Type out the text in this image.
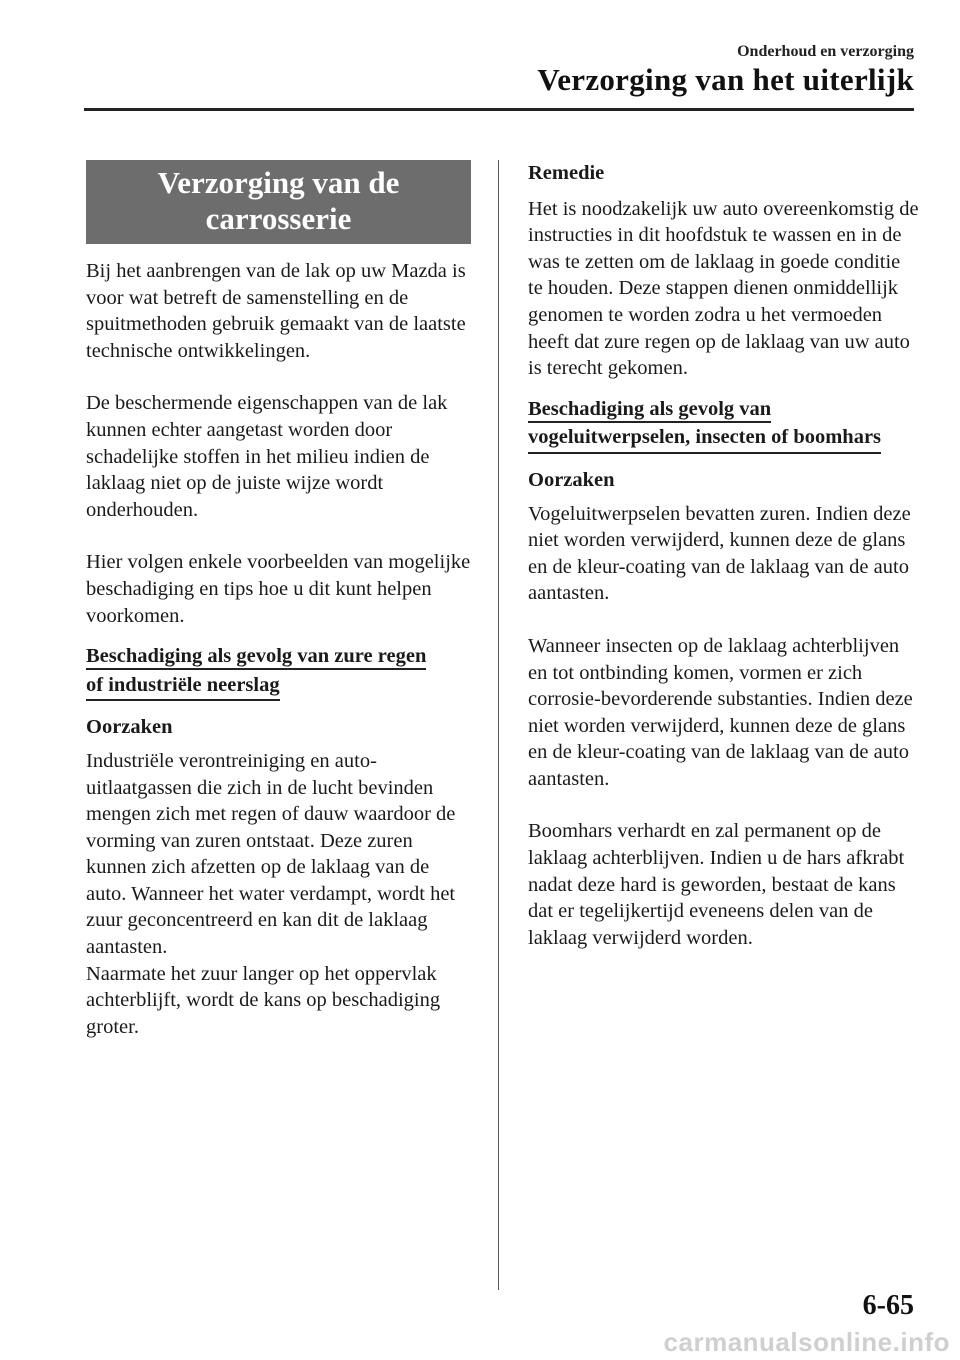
Onderhoud en verzorging
Verzorging van het uiterlijk
Verzorging van de
carrosserie

Bij het aanbrengen van de lak op uw Mazda is voor wat betreft de samenstelling en de spuitmethoden gebruik gemaakt van de laatste technische ontwikkelingen.

De beschermende eigenschappen van de lak kunnen echter aangetast worden door schadelijke stoffen in het milieu indien de laklaag niet op de juiste wijze wordt onderhouden.

Hier volgen enkele voorbeelden van mogelijke beschadiging en tips hoe u dit kunt helpen voorkomen.

Beschadiging als gevolg van zure regen
of industriële neerslag
Oorzaken

Industriële verontreiniging en auto-uitlaatgassen die zich in de lucht bevinden mengen zich met regen of dauw waardoor de vorming van zuren ontstaat. Deze zuren kunnen zich afzetten op de laklaag van de auto. Wanneer het water verdampt, wordt het zuur geconcentreerd en kan dit de laklaag aantasten.

Naarmate het zuur langer op het oppervlak achterblijft, wordt de kans op beschadiging groter.

Remedie

Het is noodzakelijk uw auto overeenkomstig de instructies in dit hoofdstuk te wassen en in de was te zetten om de laklaag in goede conditie te houden. Deze stappen dienen onmiddellijk genomen te worden zodra u het vermoeden heeft dat zure regen op de laklaag van uw auto is terecht gekomen.

Beschadiging als gevolg van
vogeluitwerpselen, insecten of boomhars
Oorzaken

Vogeluitwerpselen bevatten zuren. Indien deze niet worden verwijderd, kunnen deze de glans en de kleur-coating van de laklaag van de auto aantasten.

Wanneer insecten op de laklaag achterblijven en tot ontbinding komen, vormen er zich corrosie-bevorderende substanties. Indien deze niet worden verwijderd, kunnen deze de glans en de kleur-coating van de laklaag van de auto aantasten.

Boomhars verhardt en zal permanent op de laklaag achterblijven. Indien u de hars afkrabt nadat deze hard is geworden, bestaat de kans dat er tegelijkertijd eveneens delen van de laklaag verwijderd worden.

6-65
carmanualsonline.info
